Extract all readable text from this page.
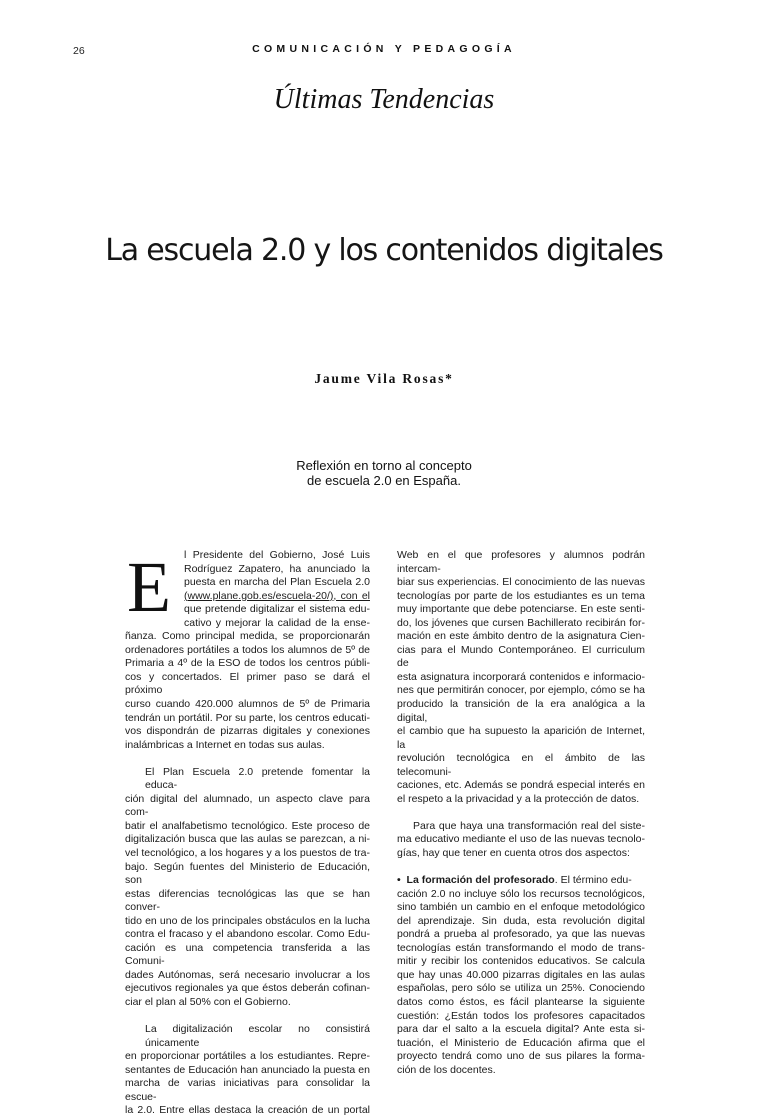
26	COMUNICACIÓN Y PEDAGOGÍA
Últimas Tendencias
La escuela 2.0 y los contenidos digitales
Jaume Vila Rosas*
Reflexión en torno al concepto
de escuela 2.0 en España.
E	l Presidente del Gobierno, José Luis
Rodríguez Zapatero, ha anunciado la
puesta en marcha del Plan Escuela 2.0
(www.plane.gob.es/escuela-20/), con el
que pretende digitalizar el sistema edu-
cativo y mejorar la calidad de la ense-
ñanza. Como principal medida, se proporcionarán
ordenadores portátiles a todos los alumnos de 5º de
Primaria a 4º de la ESO de todos los centros públi-
cos y concertados. El primer paso se dará el próximo
curso cuando 420.000 alumnos de 5º de Primaria
tendrán un portátil. Por su parte, los centros educati-
vos dispondrán de pizarras digitales y conexiones
inalámbricas a Internet en todas sus aulas.
El Plan Escuela 2.0 pretende fomentar la educa-
ción digital del alumnado, un aspecto clave para com-
batir el analfabetismo tecnológico. Este proceso de
digitalización busca que las aulas se parezcan, a ni-
vel tecnológico, a los hogares y a los puestos de tra-
bajo. Según fuentes del Ministerio de Educación, son
estas diferencias tecnológicas las que se han conver-
tido en uno de los principales obstáculos en la lucha
contra el fracaso y el abandono escolar. Como Edu-
cación es una competencia transferida a las Comuni-
dades Autónomas, será necesario involucrar a los
ejecutivos regionales ya que éstos deberán cofinan-
ciar el plan al 50% con el Gobierno.
La digitalización escolar no consistirá únicamente
en proporcionar portátiles a los estudiantes. Repre-
sentantes de Educación han anunciado la puesta en
marcha de varias iniciativas para consolidar la escue-
la 2.0. Entre ellas destaca la creación de un portal
Web en el que profesores y alumnos podrán intercam-
biar sus experiencias. El conocimiento de las nuevas
tecnologías por parte de los estudiantes es un tema
muy importante que debe potenciarse. En este senti-
do, los jóvenes que cursen Bachillerato recibirán for-
mación en este ámbito dentro de la asignatura Cien-
cias para el Mundo Contemporáneo. El curriculum de
esta asignatura incorporará contenidos e informacio-
nes que permitirán conocer, por ejemplo, cómo se ha
producido la transición de la era analógica a la digital,
el cambio que ha supuesto la aparición de Internet, la
revolución tecnológica en el ámbito de las telecomuni-
caciones, etc. Además se pondrá especial interés en
el respeto a la privacidad y a la protección de datos.
Para que haya una transformación real del siste-
ma educativo mediante el uso de las nuevas tecnolo-
gías, hay que tener en cuenta otros dos aspectos:
• La formación del profesorado. El término edu-
cación 2.0 no incluye sólo los recursos tecnológicos,
sino también un cambio en el enfoque metodológico
del aprendizaje. Sin duda, esta revolución digital
pondrá a prueba al profesorado, ya que las nuevas
tecnologías están transformando el modo de trans-
mitir y recibir los contenidos educativos. Se calcula
que hay unas 40.000 pizarras digitales en las aulas
españolas, pero sólo se utiliza un 25%. Conociendo
datos como éstos, es fácil plantearse la siguiente
cuestión: ¿Están todos los profesores capacitados
para dar el salto a la escuela digital? Ante esta si-
tuación, el Ministerio de Educación afirma que el
proyecto tendrá como uno de sus pilares la forma-
ción de los docentes.
